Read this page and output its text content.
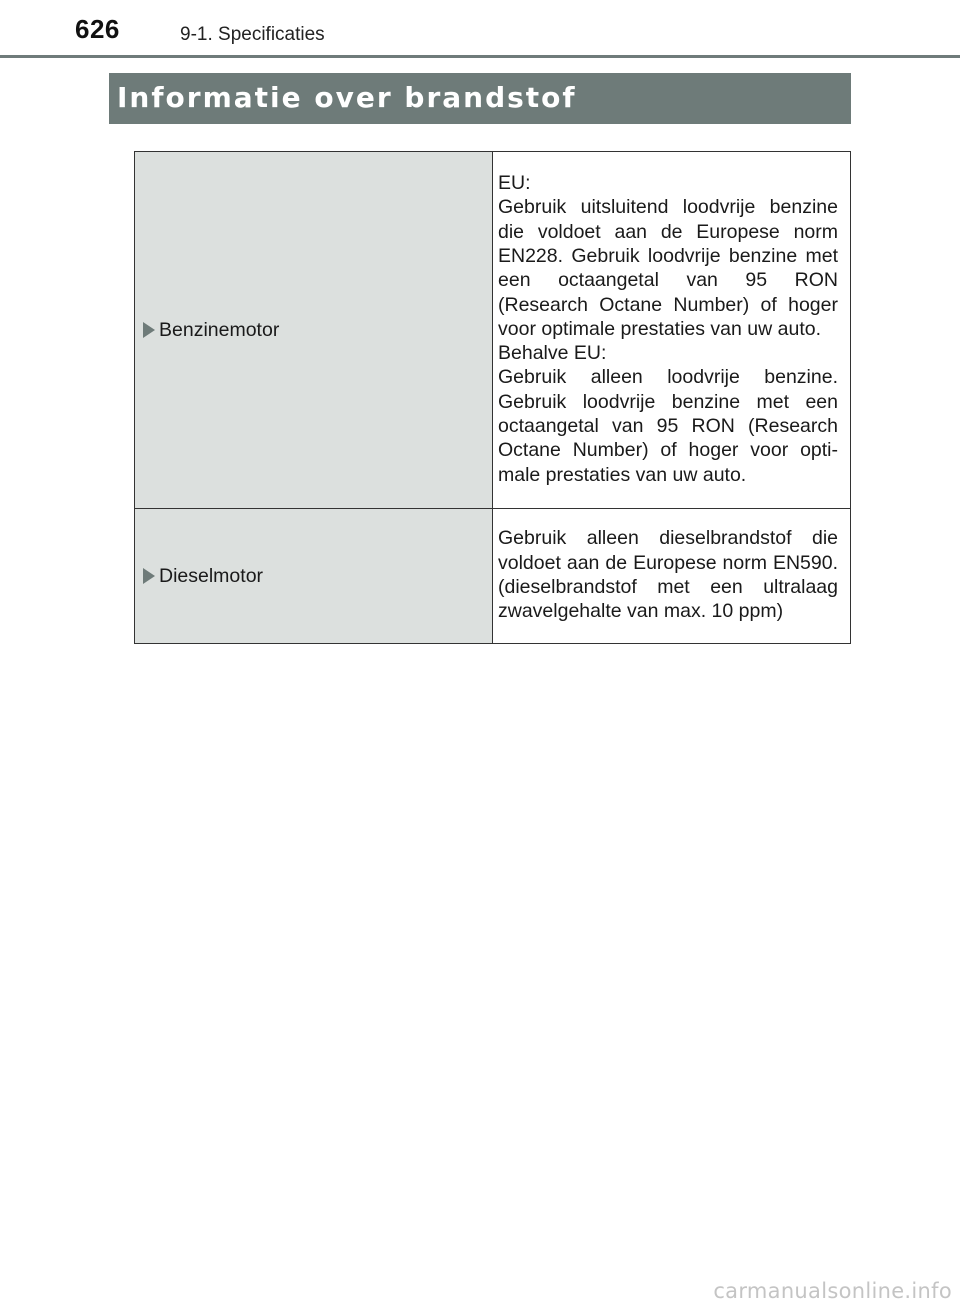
626	9-1. Specificaties
Informatie over brandstof
Benzinemotor	EU:
Gebruik uitsluitend loodvrije benzine die voldoet aan de Europese norm EN228. Gebruik loodvrije benzine met een octaangetal van 95 RON (Research Octane Number) of hoger voor optimale prestaties van uw auto.
Behalve EU:
Gebruik alleen loodvrije benzine. Gebruik loodvrije benzine met een octaangetal van 95 RON (Research Octane Number) of hoger voor opti-male prestaties van uw auto.

Dieselmotor	Gebruik alleen dieselbrandstof die voldoet aan de Europese norm EN590. (dieselbrandstof met een ultralaag zwavelgehalte van max. 10 ppm)
carmanualsonline.info
